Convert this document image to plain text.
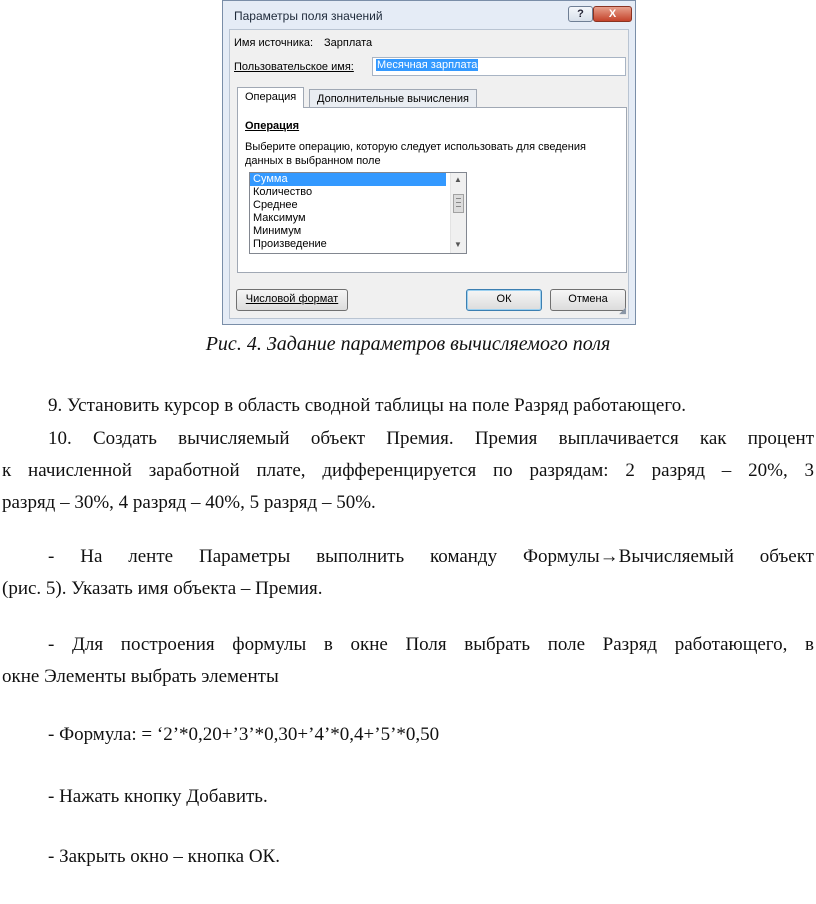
Параметры поля значений	?	X
Имя источника: Зарплата
Пользовательское имя:	Месячная зарплата
Операция	Дополнительные вычисления
Операция
Выберите операцию, которую следует использовать для сведения
данных в выбранном поле
Сумма
Количество
Среднее
Максимум
Минимум
Произведение
▲
▼
Числовой формат	ОК	Отмена
◢
Рис. 4. Задание параметров вычисляемого поля
9. Установить курсор в область сводной таблицы на поле Разряд работающего.
10. Создать вычисляемый объект Премия. Премия выплачивается как процент
к начисленной заработной плате, дифференцируется по разрядам: 2 разряд – 20%, 3
разряд – 30%, 4 разряд – 40%, 5 разряд – 50%.
- На ленте Параметры выполнить команду Формулы→Вычисляемый объект
(рис. 5). Указать имя объекта – Премия.
- Для построения формулы в окне Поля выбрать поле Разряд работающего, в
окне Элементы выбрать элементы
- Формула: = ‘2’*0,20+’3’*0,30+’4’*0,4+’5’*0,50
- Нажать кнопку Добавить.
- Закрыть окно – кнопка ОК.
